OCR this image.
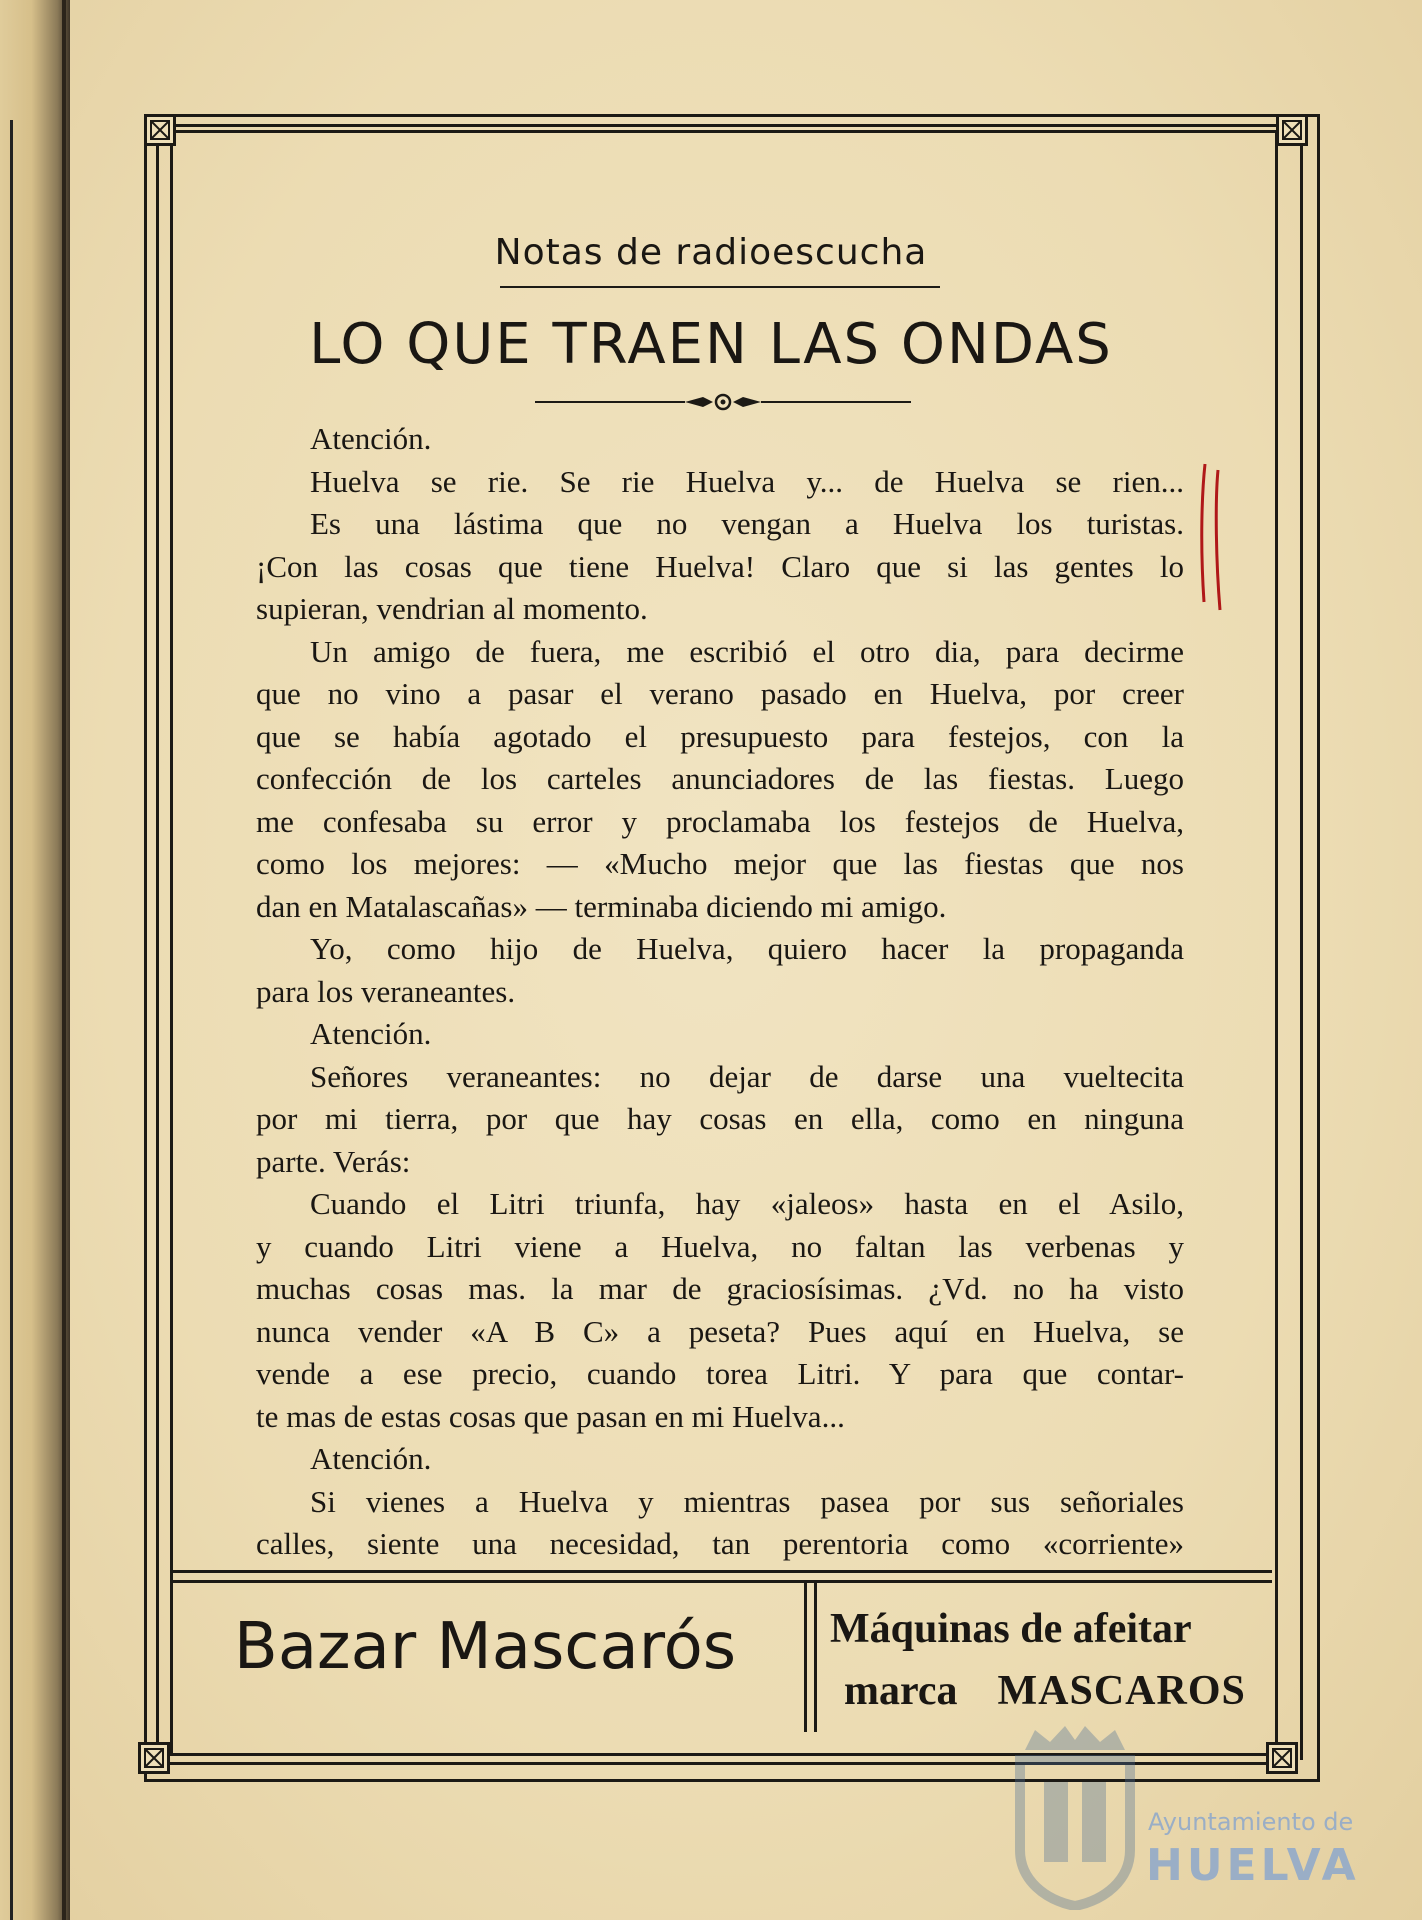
Notas de radioescucha
LO QUE TRAEN LAS ONDAS
Atención.
Huelva se rie. Se rie Huelva y... de Huelva se rien...
Es una lástima que no vengan a Huelva los turistas.
¡Con las cosas que tiene Huelva! Claro que si las gentes lo
supieran, vendrian al momento.
Un amigo de fuera, me escribió el otro dia, para decirme
que no vino a pasar el verano pasado en Huelva, por creer
que se había agotado el presupuesto para festejos, con la
confección de los carteles anunciadores de las fiestas. Luego
me confesaba su error y proclamaba los festejos de Huelva,
como los mejores: — «Mucho mejor que las fiestas que nos
dan en Matalascañas» — terminaba diciendo mi amigo.
Yo, como hijo de Huelva, quiero hacer la propaganda
para los veraneantes.
Atención.
Señores veraneantes: no dejar de darse una vueltecita
por mi tierra, por que hay cosas en ella, como en ninguna
parte. Verás:
Cuando el Litri triunfa, hay «jaleos» hasta en el Asilo,
y cuando Litri viene a Huelva, no faltan las verbenas y
muchas cosas mas. la mar de graciosísimas. ¿Vd. no ha visto
nunca vender «A B C» a peseta? Pues aquí en Huelva, se
vende a ese precio, cuando torea Litri. Y para que contar-
te mas de estas cosas que pasan en mi Huelva...
Atención.
Si vienes a Huelva y mientras pasea por sus señoriales
calles, siente una necesidad, tan perentoria como «corriente»
Bazar Mascarós	Máquinas de afeitar
marca MASCAROS
Ayuntamiento de
HUELVA
